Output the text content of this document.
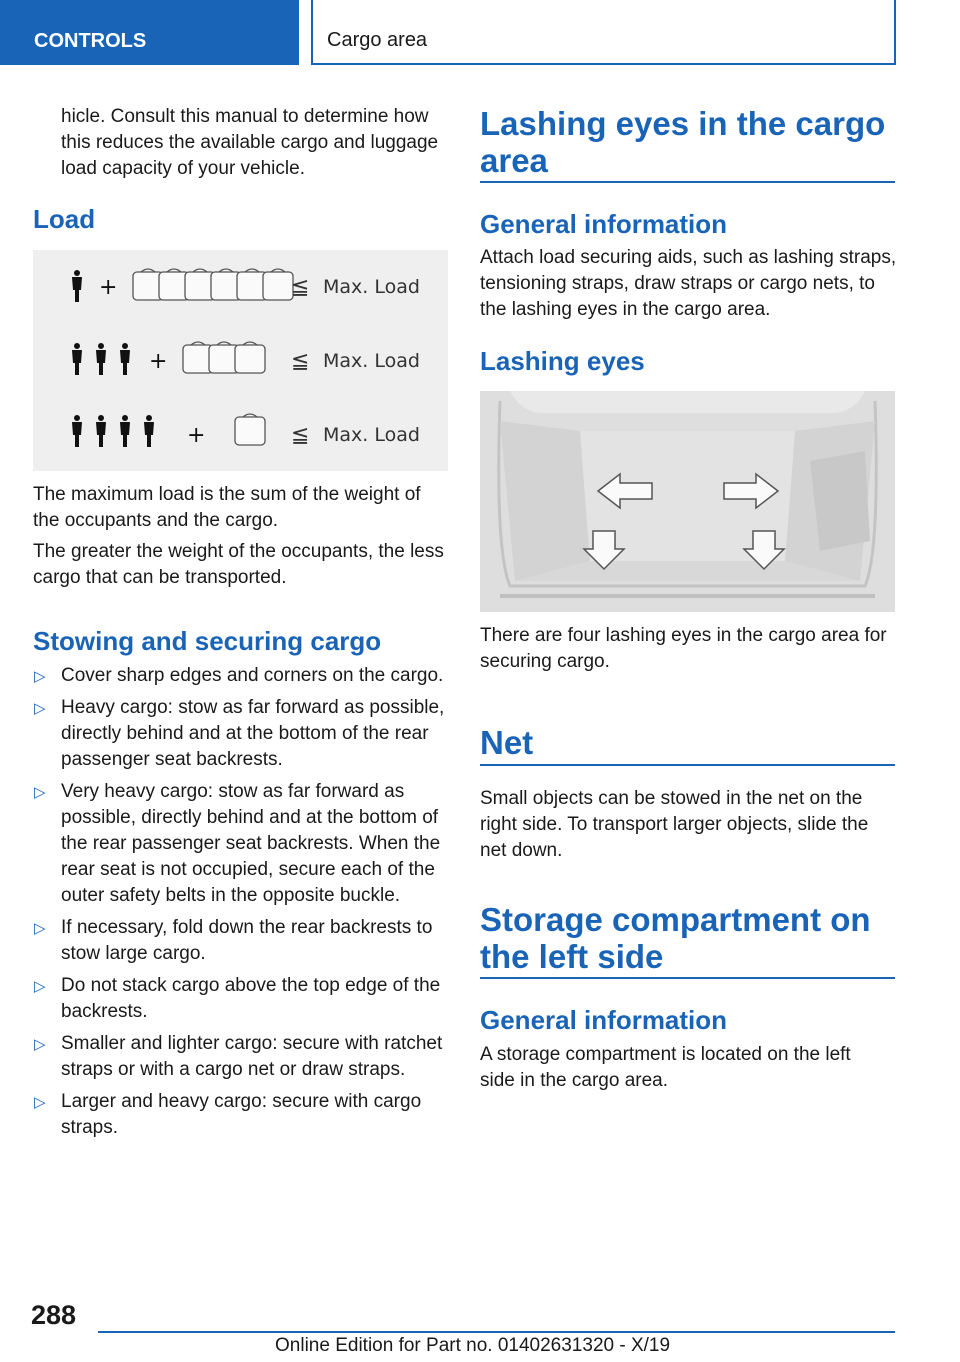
CONTROLS	Cargo area

hicle. Consult this manual to determine how this reduces the available cargo and luggage load capacity of your vehicle.

Load
+	≦ Max. Load
+	≦ Max. Load
+	≦ Max. Load

The maximum load is the sum of the weight of the occupants and the cargo.

The greater the weight of the occupants, the less cargo that can be transported.

Stowing and securing cargo
▷ Cover sharp edges and corners on the cargo.
▷ Heavy cargo: stow as far forward as possible, directly behind and at the bottom of the rear passenger seat backrests.
▷ Very heavy cargo: stow as far forward as possible, directly behind and at the bottom of the rear passenger seat backrests. When the rear seat is not occupied, secure each of the outer safety belts in the opposite buckle.
▷ If necessary, fold down the rear backrests to stow large cargo.
▷ Do not stack cargo above the top edge of the backrests.
▷ Smaller and lighter cargo: secure with ratchet straps or with a cargo net or draw straps.
▷ Larger and heavy cargo: secure with cargo straps.
Lashing eyes in the cargo area
General information

Attach load securing aids, such as lashing straps, tensioning straps, draw straps or cargo nets, to the lashing eyes in the cargo area.

Lashing eyes

There are four lashing eyes in the cargo area for securing cargo.

Net

Small objects can be stowed in the net on the right side. To transport larger objects, slide the net down.

Storage compartment on the left side
General information

A storage compartment is located on the left side in the cargo area.

288
Online Edition for Part no. 01402631320 - X/19
